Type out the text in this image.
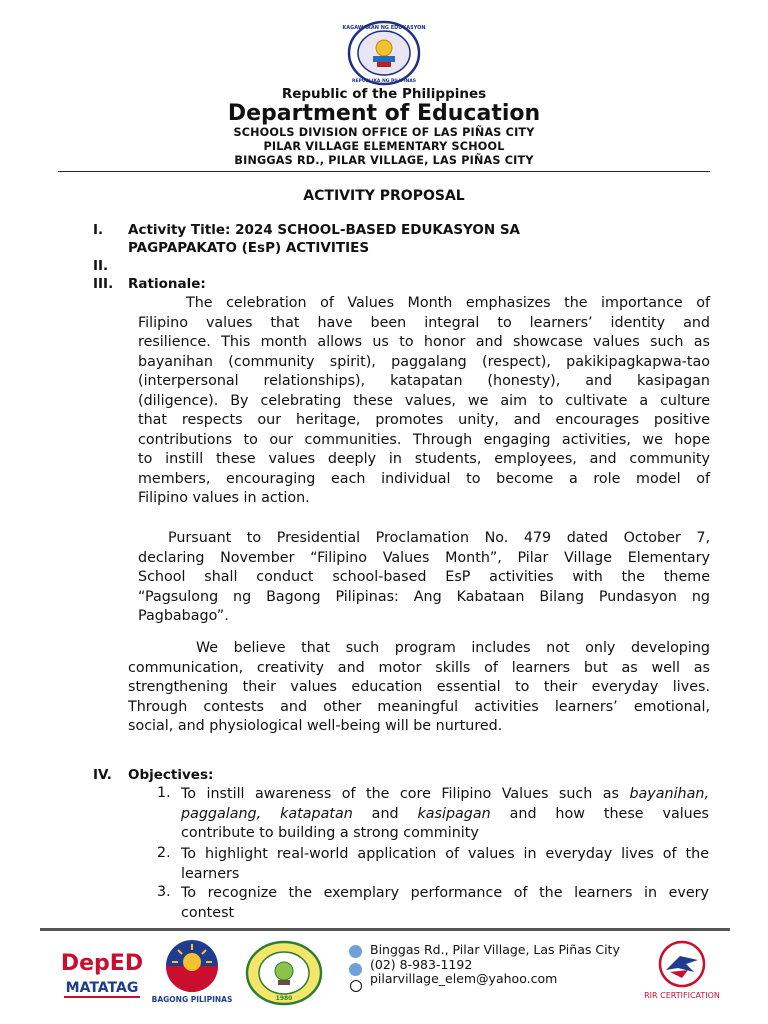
KAGAWARAN NG EDUKASYON
REPUBLIKA NG PILIPINAS
Republic of the Philippines
Department of Education
SCHOOLS DIVISION OFFICE OF LAS PIÑAS CITY
PILAR VILLAGE ELEMENTARY SCHOOL
BINGGAS RD., PILAR VILLAGE, LAS PIÑAS CITY
ACTIVITY PROPOSAL
I. Activity Title: 2024 SCHOOL-BASED EDUKASYON SA
PAGPAPAKATO (EsP) ACTIVITIES
II.
III. Rationale:
The celebration of Values Month emphasizes the importance of
Filipino values that have been integral to learners’ identity and
resilience. This month allows us to honor and showcase values such as
bayanihan (community spirit), paggalang (respect), pakikipagkapwa-tao
(interpersonal relationships), katapatan (honesty), and kasipagan
(diligence). By celebrating these values, we aim to cultivate a culture
that respects our heritage, promotes unity, and encourages positive
contributions to our communities. Through engaging activities, we hope
to instill these values deeply in students, employees, and community
members, encouraging each individual to become a role model of
Filipino values in action.
Pursuant to Presidential Proclamation No. 479 dated October 7,
declaring November “Filipino Values Month”, Pilar Village Elementary
School shall conduct school-based EsP activities with the theme
“Pagsulong ng Bagong Pilipinas: Ang Kabataan Bilang Pundasyon ng
Pagbabago”.
We believe that such program includes not only developing
communication, creativity and motor skills of learners but as well as
strengthening their values education essential to their everyday lives.
Through contests and other meaningful activities learners’ emotional,
social, and physiological well-being will be nurtured.
IV. Objectives:
1. To instill awareness of the core Filipino Values such as bayanihan,
paggalang, katapatan and kasipagan and how these values
contribute to building a strong comminity
2. To highlight real-world application of values in everyday lives of the
learners
3. To recognize the exemplary performance of the learners in every
contest
DepED
MATATAG
BAGONG PILIPINAS	1980
Binggas Rd., Pilar Village, Las Piñas City
(02) 8-983-1192
pilarvillage_elem@yahoo.com
RIR CERTIFICATION
